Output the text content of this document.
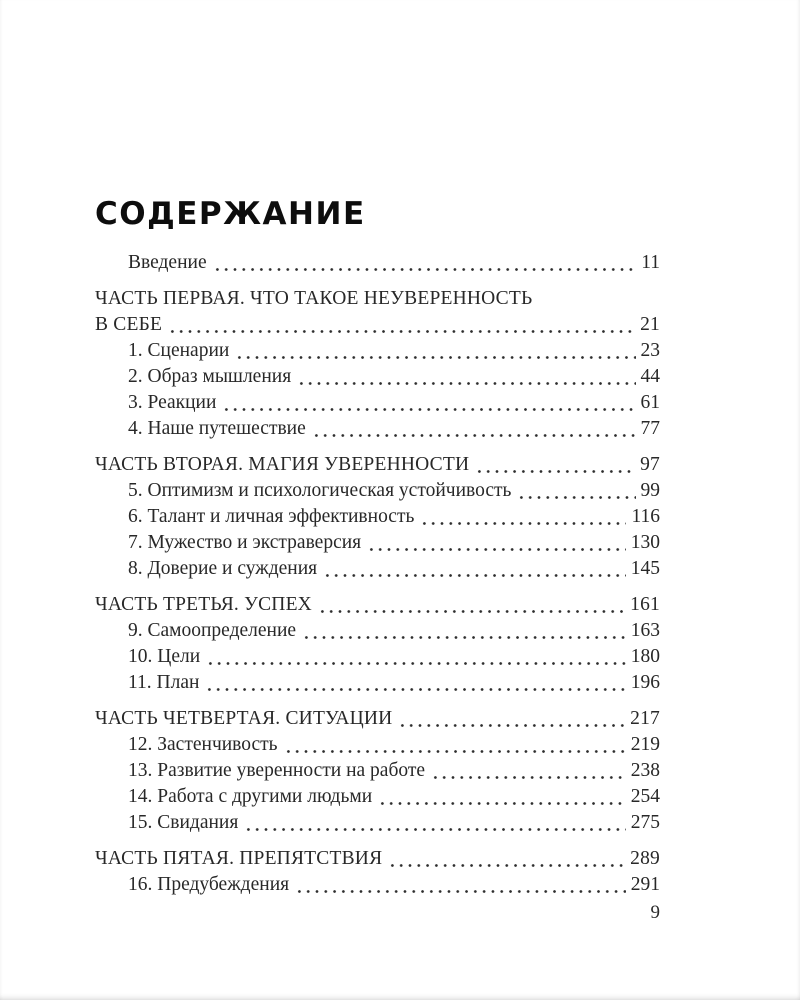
СОДЕРЖАНИЕ
Введение	11
ЧАСТЬ ПЕРВАЯ. ЧТО ТАКОЕ НЕУВЕРЕННОСТЬ
В СЕБЕ	21
1. Сценарии	23
2. Образ мышления	44
3. Реакции	61
4. Наше путешествие	77
ЧАСТЬ ВТОРАЯ. МАГИЯ УВЕРЕННОСТИ	97
5. Оптимизм и психологическая устойчивость	99
6. Талант и личная эффективность	116
7. Мужество и экстраверсия	130
8. Доверие и суждения	145
ЧАСТЬ ТРЕТЬЯ. УСПЕХ	161
9. Самоопределение	163
10. Цели	180
11. План	196
ЧАСТЬ ЧЕТВЕРТАЯ. СИТУАЦИИ	217
12. Застенчивость	219
13. Развитие уверенности на работе	238
14. Работа с другими людьми	254
15. Свидания	275
ЧАСТЬ ПЯТАЯ. ПРЕПЯТСТВИЯ	289
16. Предубеждения	291
9
